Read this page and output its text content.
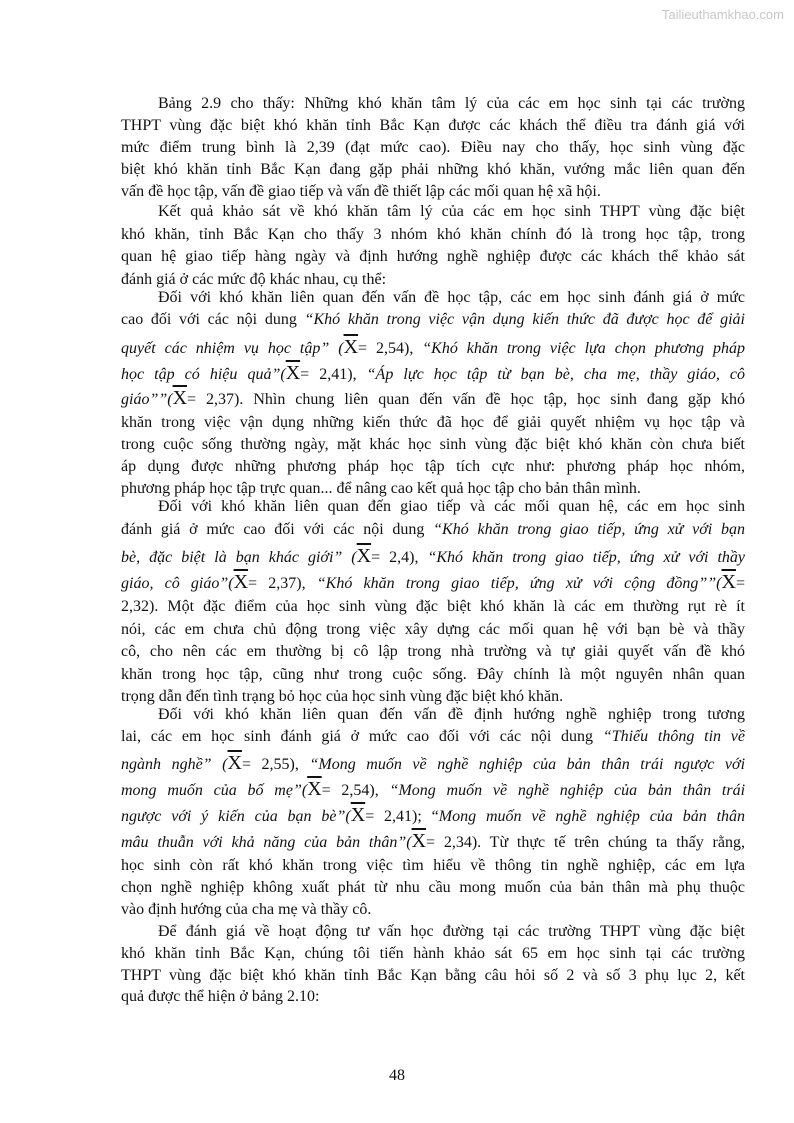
Tailieuthamkhao.com
Bảng 2.9 cho thấy: Những khó khăn tâm lý của các em học sinh tại các trường
THPT vùng đặc biệt khó khăn tỉnh Bắc Kạn được các khách thể điều tra đánh giá với
mức điểm trung bình là 2,39 (đạt mức cao). Điều nay cho thấy, học sinh vùng đặc
biệt khó khăn tỉnh Bắc Kạn đang gặp phải những khó khăn, vướng mắc liên quan đến
vấn đề học tập, vấn đề giao tiếp và vấn đề thiết lập các mối quan hệ xã hội.
Kết quả khảo sát về khó khăn tâm lý của các em học sinh THPT vùng đặc biệt
khó khăn, tỉnh Bắc Kạn cho thấy 3 nhóm khó khăn chính đó là trong học tập, trong
quan hệ giao tiếp hàng ngày và định hướng nghề nghiệp được các khách thể khảo sát
đánh giá ở các mức độ khác nhau, cụ thể:
Đối với khó khăn liên quan đến vấn đề học tập, các em học sinh đánh giá ở mức
cao đối với các nội dung “Khó khăn trong việc vận dụng kiến thức đã được học để giải
quyết các nhiệm vụ học tập” $(\overline{X}= 2,54)$, “Khó khăn trong việc lựa chọn phương pháp
học tập có hiệu $quả”(\overline{X}= 2,41)$, “Áp lực học tập từ bạn bè, cha mẹ, thầy giáo, cô
$giáo””(\overline{X}= 2,37)$. Nhìn chung liên quan đến vấn đề học tập, học sinh đang gặp khó
khăn trong việc vận dụng những kiến thức đã học để giải quyết nhiệm vụ học tập và
trong cuộc sống thường ngày, mặt khác học sinh vùng đặc biệt khó khăn còn chưa biết
áp dụng được những phương pháp học tập tích cực như: phương pháp học nhóm,
phương pháp học tập trực quan... để nâng cao kết quả học tập cho bản thân mình.
Đối với khó khăn liên quan đến giao tiếp và các mối quan hệ, các em học sinh
đánh giá ở mức cao đối với các nội dung “Khó khăn trong giao tiếp, ứng xử với bạn
bè, đặc biệt là bạn khác giới” $(\overline{X}= 2,4)$, “Khó khăn trong giao tiếp, ứng xử với thầy
giáo, cô $giáo”(\overline{X}= 2,37)$, “Khó khăn trong giao tiếp, ứng xử với cộng $đồng””(\overline{X}=$
2,32). Một đặc điểm của học sinh vùng đặc biệt khó khăn là các em thường rụt rè ít
nói, các em chưa chủ động trong việc xây dựng các mối quan hệ với bạn bè và thầy
cô, cho nên các em thường bị cô lập trong nhà trường và tự giải quyết vấn đề khó
khăn trong học tập, cũng như trong cuộc sống. Đây chính là một nguyên nhân quan
trọng dẫn đến tình trạng bỏ học của học sinh vùng đặc biệt khó khăn.
Đối với khó khăn liên quan đến vấn đề định hướng nghề nghiệp trong tương
lai, các em học sinh đánh giá ở mức cao đối với các nội dung “Thiếu thông tin về
ngành nghề” $(\overline{X}= 2,55)$, “Mong muốn về nghề nghiệp của bản thân trái ngược với
mong muốn của bố $mẹ”(\overline{X}= 2,54)$, “Mong muốn về nghề nghiệp của bản thân trái
ngược với ý kiến của bạn $bè”(\overline{X}= 2,41)$; “Mong muốn về nghề nghiệp của bản thân
mâu thuẫn với khả năng của bản $thân”(\overline{X}= 2,34)$. Từ thực tế trên chúng ta thấy rằng,
học sinh còn rất khó khăn trong việc tìm hiểu về thông tin nghề nghiệp, các em lựa
chọn nghề nghiệp không xuất phát từ nhu cầu mong muốn của bản thân mà phụ thuộc
vào định hướng của cha mẹ và thầy cô.
Để đánh giá về hoạt động tư vấn học đường tại các trường THPT vùng đặc biệt
khó khăn tỉnh Bắc Kạn, chúng tôi tiến hành khảo sát 65 em học sinh tại các trường
THPT vùng đặc biệt khó khăn tỉnh Bắc Kạn bằng câu hỏi số 2 và số 3 phụ lục 2, kết
quả được thể hiện ở bảng 2.10:
48
